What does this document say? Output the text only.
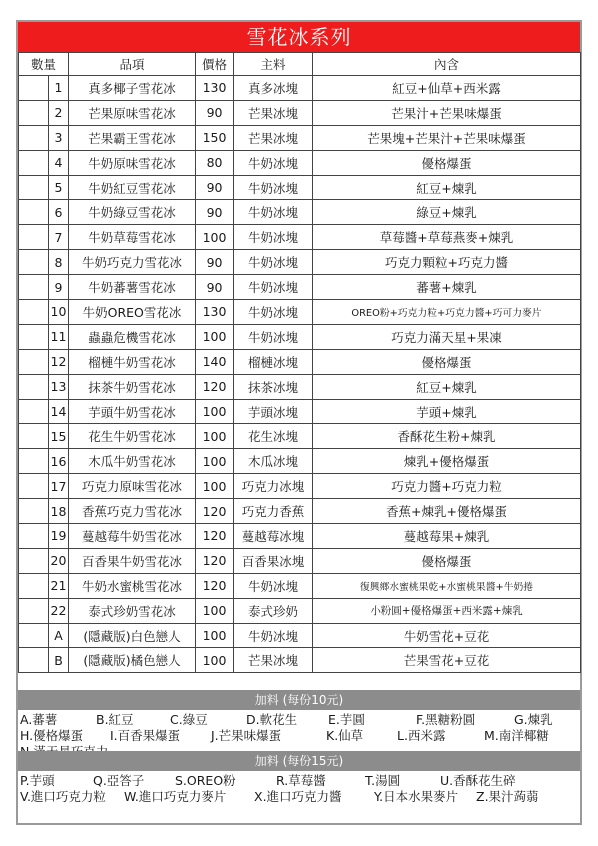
雪花冰系列
數量		品項	價格	主料	內含
	1	真多椰子雪花冰	130	真多冰塊	紅豆+仙草+西米露
	2	芒果原味雪花冰	90	芒果冰塊	芒果汁+芒果味爆蛋
	3	芒果霸王雪花冰	150	芒果冰塊	芒果塊+芒果汁+芒果味爆蛋
	4	牛奶原味雪花冰	80	牛奶冰塊	優格爆蛋
	5	牛奶紅豆雪花冰	90	牛奶冰塊	紅豆+煉乳
	6	牛奶綠豆雪花冰	90	牛奶冰塊	綠豆+煉乳
	7	牛奶草莓雪花冰	100	牛奶冰塊	草莓醬+草莓燕麥+煉乳
	8	牛奶巧克力雪花冰	90	牛奶冰塊	巧克力顆粒+巧克力醬
	9	牛奶蕃薯雪花冰	90	牛奶冰塊	蕃薯+煉乳
	10	牛奶OREO雪花冰	130	牛奶冰塊	OREO粉+巧克力粒+巧克力醬+巧可力麥片
	11	蟲蟲危機雪花冰	100	牛奶冰塊	巧克力滿天星+果凍
	12	榴槤牛奶雪花冰	140	榴槤冰塊	優格爆蛋
	13	抹茶牛奶雪花冰	120	抹茶冰塊	紅豆+煉乳
	14	芋頭牛奶雪花冰	100	芋頭冰塊	芋頭+煉乳
	15	花生牛奶雪花冰	100	花生冰塊	香酥花生粉+煉乳
	16	木瓜牛奶雪花冰	100	木瓜冰塊	煉乳+優格爆蛋
	17	巧克力原味雪花冰	100	巧克力冰塊	巧克力醬+巧克力粒
	18	香蕉巧克力雪花冰	120	巧克力香蕉	香蕉+煉乳+優格爆蛋
	19	蔓越莓牛奶雪花冰	120	蔓越莓冰塊	蔓越莓果+煉乳
	20	百香果牛奶雪花冰	120	百香果冰塊	優格爆蛋
	21	牛奶水蜜桃雪花冰	120	牛奶冰塊	復興鄉水蜜桃果乾+水蜜桃果醬+牛奶捲
	22	泰式珍奶雪花冰	100	泰式珍奶	小粉圓+優格爆蛋+西米露+煉乳
	A	(隱藏版)白色戀人	100	牛奶冰塊	牛奶雪花+豆花
	B	(隱藏版)橘色戀人	100	芒果冰塊	芒果雪花+豆花
加料 (每份10元)
A.蕃薯	B.紅豆	C.綠豆	D.軟花生 E.芋圓	F.黑糖粉圓	G.煉乳
H.優格爆蛋 I.百香果爆蛋 J.芒果味爆蛋	K.仙草	L.西米露	M.南洋椰糖
加料 (每份15元)
P.芋頭	Q.亞答子 S.OREO粉	R.草莓醬	T.湯圓	U.香酥花生碎
V.進口巧克力粒 W.進口巧克力麥片 X.進口巧克力醬	Y.日本水果麥片 Z.果汁蒟蒻
